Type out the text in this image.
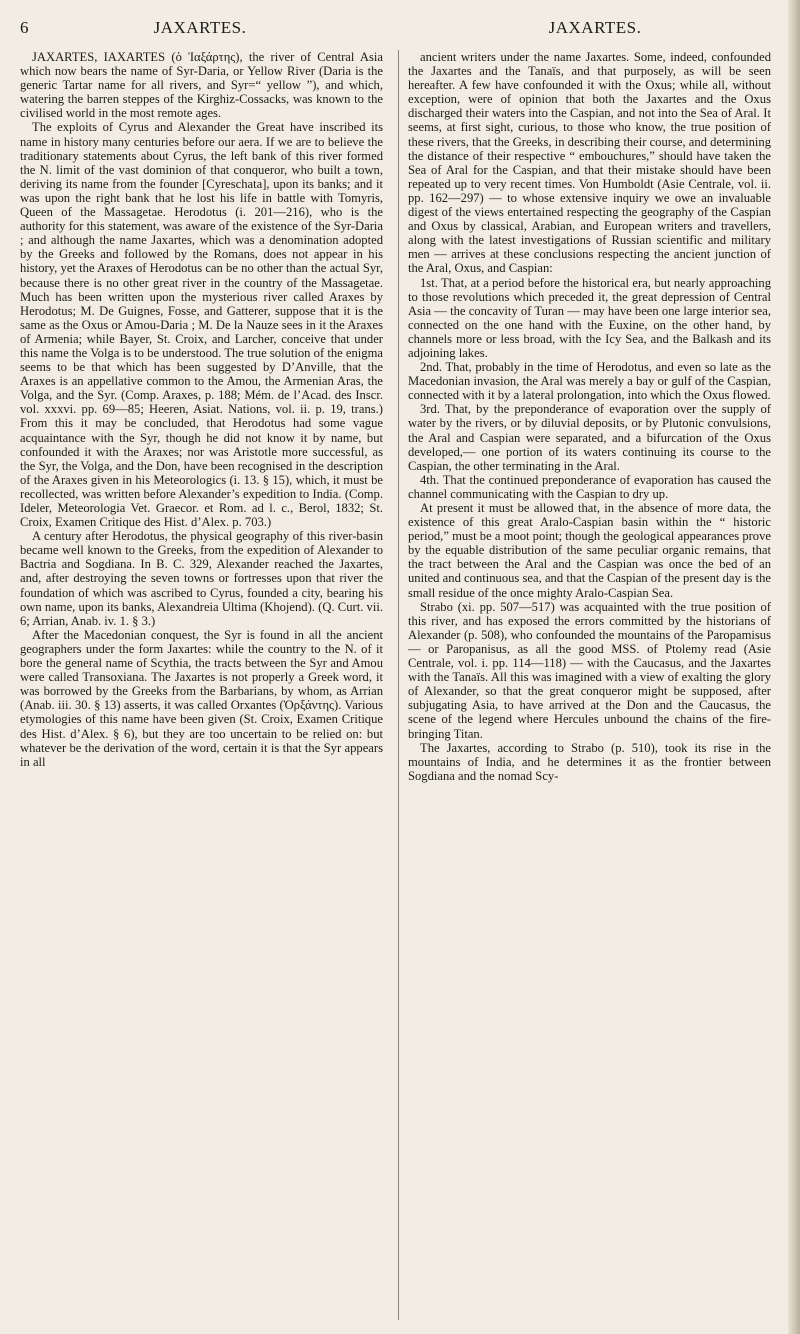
6	JAXARTES.	JAXARTES.

JAXARTES, IAXARTES (ὁ Ἰαξάρτης), the river of Central Asia which now bears the name of Syr-Daria, or Yellow River (Daria is the generic Tartar name for all rivers, and Syr=“ yellow ”), and which, watering the barren steppes of the Kirghiz-Cossacks, was known to the civilised world in the most remote ages.

The exploits of Cyrus and Alexander the Great have inscribed its name in history many centuries before our aera. If we are to believe the traditionary statements about Cyrus, the left bank of this river formed the N. limit of the vast dominion of that conqueror, who built a town, deriving its name from the founder [Cyreschata], upon its banks; and it was upon the right bank that he lost his life in battle with Tomyris, Queen of the Massagetae. Herodotus (i. 201—216), who is the authority for this statement, was aware of the existence of the Syr-Daria ; and although the name Jaxartes, which was a denomination adopted by the Greeks and followed by the Romans, does not appear in his history, yet the Araxes of Herodotus can be no other than the actual Syr, because there is no other great river in the country of the Massagetae. Much has been written upon the mysterious river called Araxes by Herodotus; M. De Guignes, Fosse, and Gatterer, suppose that it is the same as the Oxus or Amou-Daria ; M. De la Nauze sees in it the Araxes of Armenia; while Bayer, St. Croix, and Larcher, conceive that under this name the Volga is to be understood. The true solution of the enigma seems to be that which has been suggested by D’Anville, that the Araxes is an appellative common to the Amou, the Armenian Aras, the Volga, and the Syr. (Comp. Araxes, p. 188; Mém. de l’Acad. des Inscr. vol. xxxvi. pp. 69—85; Heeren, Asiat. Nations, vol. ii. p. 19, trans.) From this it may be concluded, that Herodotus had some vague acquaintance with the Syr, though he did not know it by name, but confounded it with the Araxes; nor was Aristotle more successful, as the Syr, the Volga, and the Don, have been recognised in the description of the Araxes given in his Meteorologics (i. 13. § 15), which, it must be recollected, was written before Alexander’s expedition to India. (Comp. Ideler, Meteorologia Vet. Graecor. et Rom. ad l. c., Berol, 1832; St. Croix, Examen Critique des Hist. d’Alex. p. 703.)

A century after Herodotus, the physical geography of this river-basin became well known to the Greeks, from the expedition of Alexander to Bactria and Sogdiana. In B. C. 329, Alexander reached the Jaxartes, and, after destroying the seven towns or fortresses upon that river the foundation of which was ascribed to Cyrus, founded a city, bearing his own name, upon its banks, Alexandreia Ultima (Khojend). (Q. Curt. vii. 6; Arrian, Anab. iv. 1. § 3.)

After the Macedonian conquest, the Syr is found in all the ancient geographers under the form Jaxartes: while the country to the N. of it bore the general name of Scythia, the tracts between the Syr and Amou were called Transoxiana. The Jaxartes is not properly a Greek word, it was borrowed by the Greeks from the Barbarians, by whom, as Arrian (Anab. iii. 30. § 13) asserts, it was called Orxantes (Ὀρξάντης). Various etymologies of this name have been given (St. Croix, Examen Critique des Hist. d’Alex. § 6), but they are too uncertain to be relied on: but whatever be the derivation of the word, certain it is that the Syr appears in all

ancient writers under the name Jaxartes. Some, indeed, confounded the Jaxartes and the Tanaïs, and that purposely, as will be seen hereafter. A few have confounded it with the Oxus; while all, without exception, were of opinion that both the Jaxartes and the Oxus discharged their waters into the Caspian, and not into the Sea of Aral. It seems, at first sight, curious, to those who know, the true position of these rivers, that the Greeks, in describing their course, and determining the distance of their respective “ embouchures,” should have taken the Sea of Aral for the Caspian, and that their mistake should have been repeated up to very recent times. Von Humboldt (Asie Centrale, vol. ii. pp. 162—297) — to whose extensive inquiry we owe an invaluable digest of the views entertained respecting the geography of the Caspian and Oxus by classical, Arabian, and European writers and travellers, along with the latest investigations of Russian scientific and military men — arrives at these conclusions respecting the ancient junction of the Aral, Oxus, and Caspian:

1st. That, at a period before the historical era, but nearly approaching to those revolutions which preceded it, the great depression of Central Asia — the concavity of Turan — may have been one large interior sea, connected on the one hand with the Euxine, on the other hand, by channels more or less broad, with the Icy Sea, and the Balkash and its adjoining lakes.

2nd. That, probably in the time of Herodotus, and even so late as the Macedonian invasion, the Aral was merely a bay or gulf of the Caspian, connected with it by a lateral prolongation, into which the Oxus flowed.

3rd. That, by the preponderance of evaporation over the supply of water by the rivers, or by diluvial deposits, or by Plutonic convulsions, the Aral and Caspian were separated, and a bifurcation of the Oxus developed,— one portion of its waters continuing its course to the Caspian, the other terminating in the Aral.

4th. That the continued preponderance of evaporation has caused the channel communicating with the Caspian to dry up.

At present it must be allowed that, in the absence of more data, the existence of this great Aralo-Caspian basin within the “ historic period,” must be a moot point; though the geological appearances prove by the equable distribution of the same peculiar organic remains, that the tract between the Aral and the Caspian was once the bed of an united and continuous sea, and that the Caspian of the present day is the small residue of the once mighty Aralo-Caspian Sea.

Strabo (xi. pp. 507—517) was acquainted with the true position of this river, and has exposed the errors committed by the historians of Alexander (p. 508), who confounded the mountains of the Paropamisus — or Paropanisus, as all the good MSS. of Ptolemy read (Asie Centrale, vol. i. pp. 114—118) — with the Caucasus, and the Jaxartes with the Tanaïs. All this was imagined with a view of exalting the glory of Alexander, so that the great conqueror might be supposed, after subjugating Asia, to have arrived at the Don and the Caucasus, the scene of the legend where Hercules unbound the chains of the fire-bringing Titan.

The Jaxartes, according to Strabo (p. 510), took its rise in the mountains of India, and he determines it as the frontier between Sogdiana and the nomad Scy-
